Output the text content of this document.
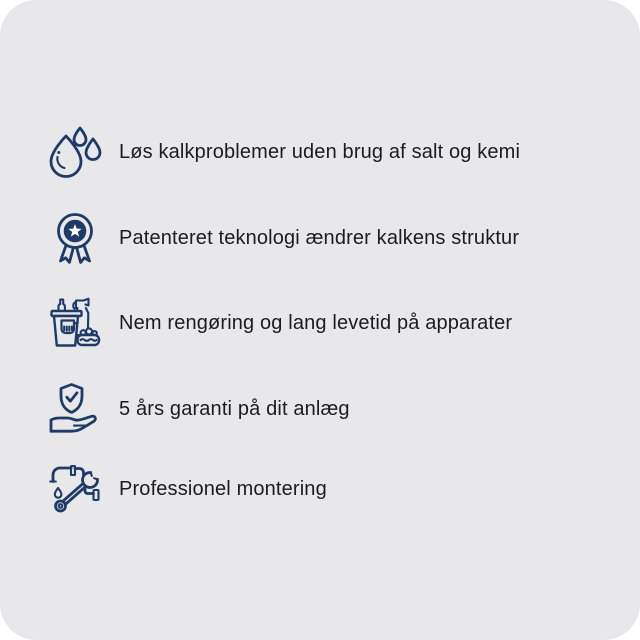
Løs kalkproblemer uden brug af salt og kemi
Patenteret teknologi ændrer kalkens struktur
Nem rengøring og lang levetid på apparater
5 års garanti på dit anlæg
Professionel montering
